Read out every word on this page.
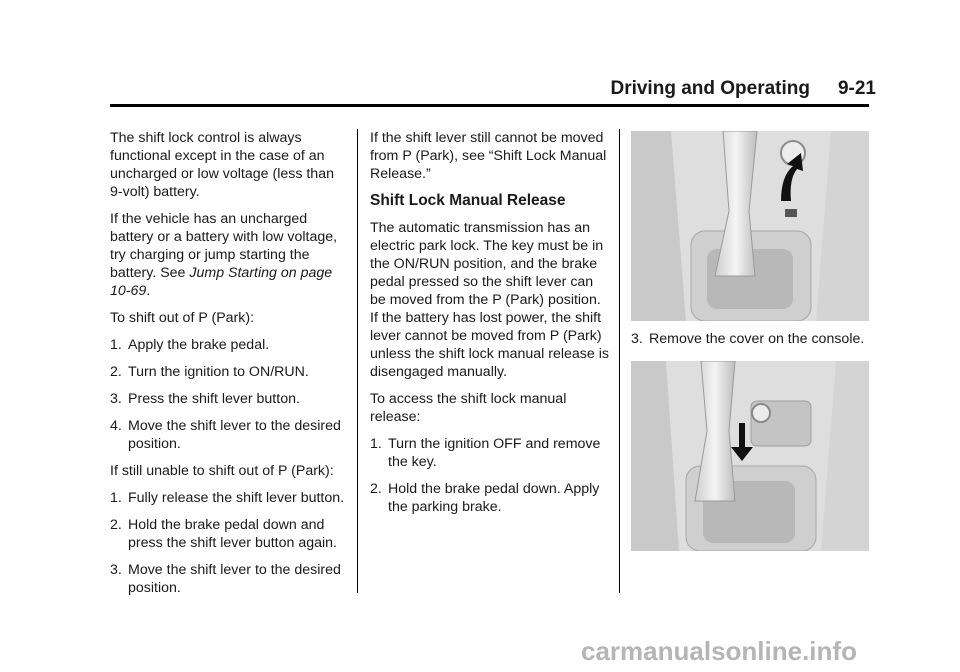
Driving and Operating 9-21

The shift lock control is always functional except in the case of an uncharged or low voltage (less than 9-volt) battery.

If the vehicle has an uncharged battery or a battery with low voltage, try charging or jump starting the battery. See Jump Starting on page 10-69.

To shift out of P (Park):

1. Apply the brake pedal.
2. Turn the ignition to ON/RUN.
3. Press the shift lever button.
4. Move the shift lever to the desired position.

If still unable to shift out of P (Park):

1. Fully release the shift lever button.
2. Hold the brake pedal down and press the shift lever button again.
3. Move the shift lever to the desired position.

If the shift lever still cannot be moved from P (Park), see “Shift Lock Manual Release.”

Shift Lock Manual Release

The automatic transmission has an electric park lock. The key must be in the ON/RUN position, and the brake pedal pressed so the shift lever can be moved from the P (Park) position. If the battery has lost power, the shift lever cannot be moved from P (Park) unless the shift lock manual release is disengaged manually.

To access the shift lock manual release:

1. Turn the ignition OFF and remove the key.
2. Hold the brake pedal down. Apply the parking brake.
3. Remove the cover on the console.
carmanualsonline.info
